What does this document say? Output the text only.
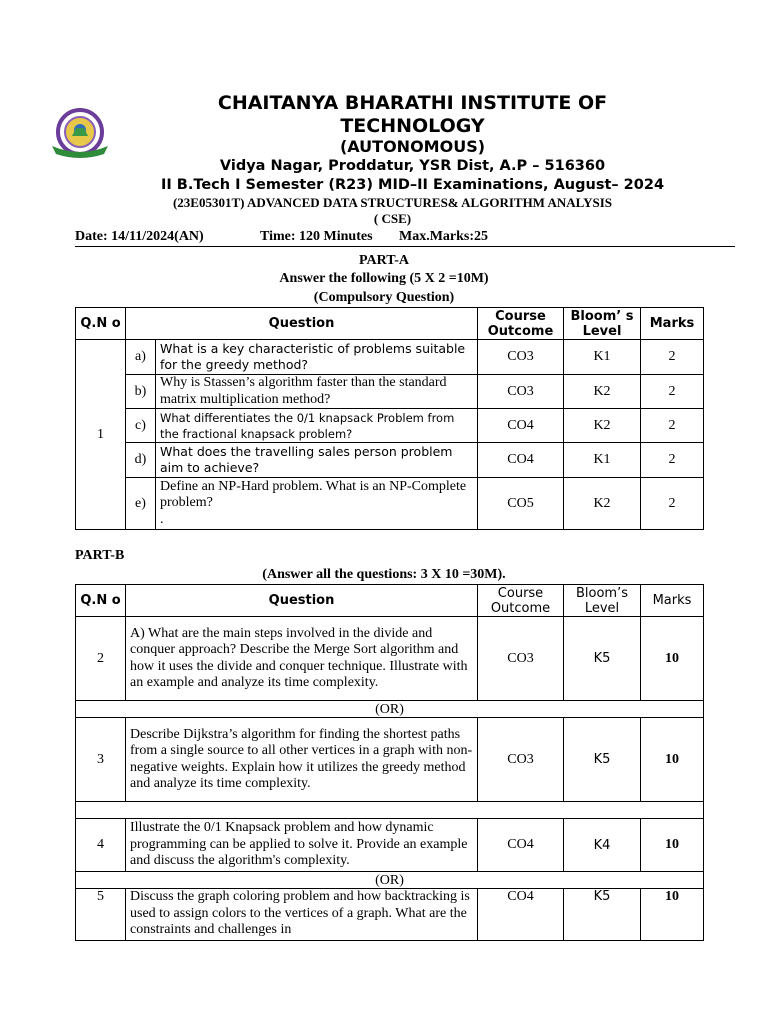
CHAITANYA BHARATHI INSTITUTE OF TECHNOLOGY
(AUTONOMOUS)
Vidya Nagar, Proddatur, YSR Dist, A.P – 516360
II B.Tech I Semester (R23) MID–II Examinations, August– 2024
(23E05301T) ADVANCED DATA STRUCTURES& ALGORITHM ANALYSIS
( CSE)

Date: 14/11/2024(AN)	Time: 120 Minutes Max.Marks:25
PART-A
Answer the following (5 X 2 =10M)
(Compulsory Question)
Q.N o	Question		Course Outcome	Bloom’ s Level	Marks
1	a)	What is a key characteristic of problems suitable for the greedy method?	CO3	K1	2
	b)	Why is Stassen’s algorithm faster than the standard matrix multiplication method?	CO3	K2	2
	c)	What differentiates the 0/1 knapsack Problem from the fractional knapsack problem?	CO4	K2	2
	d)	What does the travelling sales person problem aim to achieve?	CO4	K1	2
	e)	Define an NP-Hard problem. What is an NP-Complete problem?
.	CO5	K2	2
PART-B
(Answer all the questions: 3 X 10 =30M).
Q.N o	Question	Course Outcome	Bloom’s Level	Marks
2	A) What are the main steps involved in the divide and conquer approach? Describe the Merge Sort algorithm and how it uses the divide and conquer technique. Illustrate with an example and analyze its time complexity.	CO3	K5	10
(OR)				
3	Describe Dijkstra’s algorithm for finding the shortest paths from a single source to all other vertices in a graph with non-negative weights. Explain how it utilizes the greedy method and analyze its time complexity.	CO3	K5	10

4	Illustrate the 0/1 Knapsack problem and how dynamic programming can be applied to solve it. Provide an example and discuss the algorithm's complexity.	CO4	K4	10
(OR)				
5	Discuss the graph coloring problem and how backtracking is used to assign colors to the vertices of a graph. What are the constraints and challenges in	CO4	K5	10
